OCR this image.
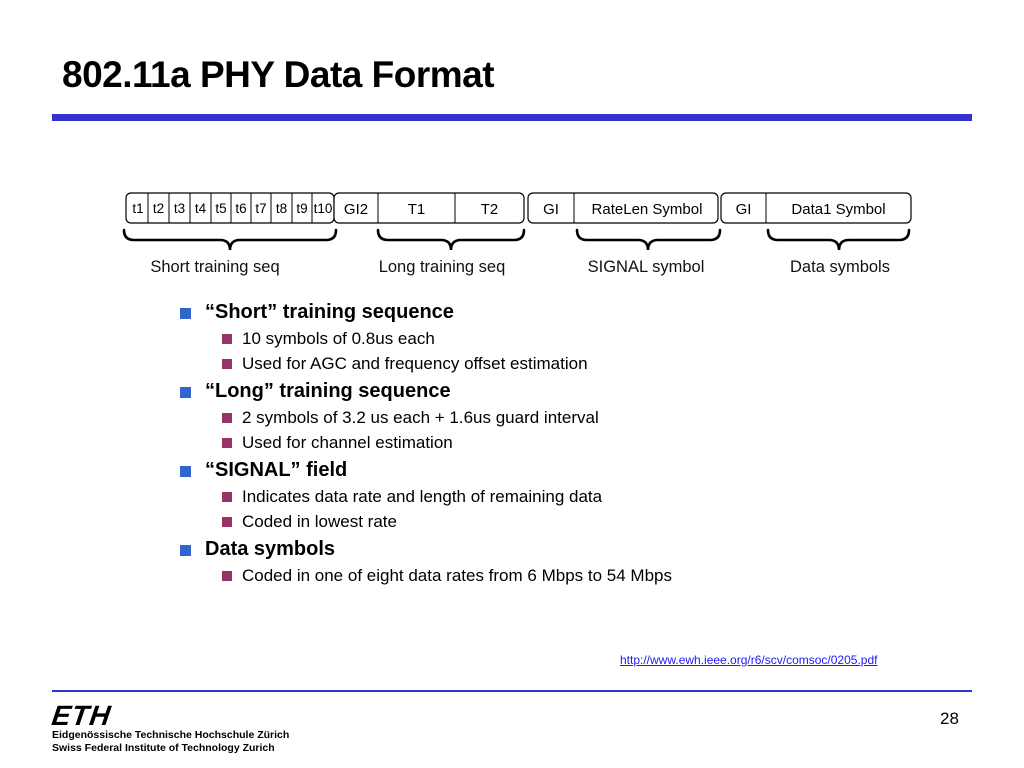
802.11a PHY Data Format
t1 t2 t3 t4 t5 t6 t7 t8 t9 t10 GI2	T1	T2	GI RateLen Symbol GI	Data1 Symbol
Short training seq	Long training seq	SIGNAL symbol	Data symbols
“Short” training sequence
10 symbols of 0.8us each
Used for AGC and frequency offset estimation
“Long” training sequence
2 symbols of 3.2 us each + 1.6us guard interval
Used for channel estimation
“SIGNAL” field
Indicates data rate and length of remaining data
Coded in lowest rate
Data symbols
Coded in one of eight data rates from 6 Mbps to 54 Mbps
http://www.ewh.ieee.org/r6/scv/comsoc/0205.pdf
ETH
Eidgenössische Technische Hochschule Zürich
Swiss Federal Institute of Technology Zurich
28
